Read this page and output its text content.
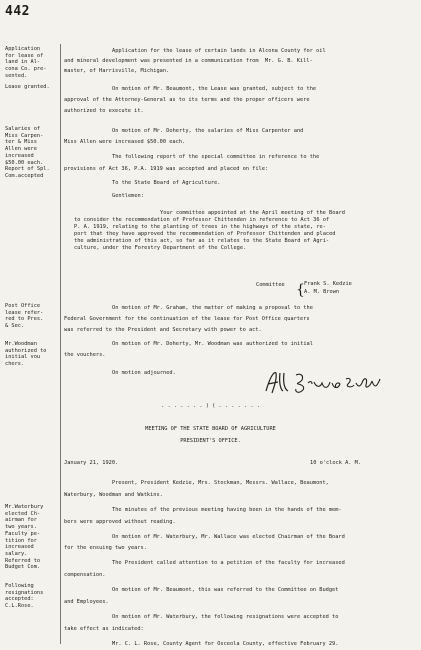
442
Application
for lease of
land in Al-
cona Co. pre-
sented.
Lease granted.
Salaries of
Miss Carpen-
ter & Miss
Allen were
increased
$50.00 each.
Report of Spl.
Com.accepted
Post Office
lease refer-
red to Pres.
& Sec.
Mr.Woodman
authorized to
initial vou
chers.
Mr.Waterbury
elected Ch-
airman for
two years.
Faculty pe-
tition for
increased
salary.
Referred to
Budget Com.
Following
resignations
accepted:
C.L.Rose.
Application for the lease of certain lands in Alcona County for oil
and mineral development was presented in a communication from  Mr. G. B. Kill-
master, of Harrisville, Michigan.
On motion of Mr. Beaumont, the Lease was granted, subject to the
approval of the Attorney-General as to its terms and the proper officers were
authorized to execute it.
On motion of Mr. Doherty, the salaries of Miss Carpenter and
Miss Allen were increased $50.00 each.
The following report of the special committee in reference to the
provisions of Act 36, P.A. 1919 was accepted and placed on file:
To the State Board of Agriculture.
Gentlemen:
Your committee appointed at the April meeting of the Board
to consider the recommendation of Professor Chittenden in reference to Act 36 of
P. A. 1919, relating to the planting of trees in the highways of the state, re-
port that they have approved the recommendation of Professor Chittenden and placed
the administration of this act, so far as it relates to the State Board of Agri-
culture, under the Forestry Department of the College.
Committee { Frank S. Kedzie
A. M. Brown
On motion of Mr. Graham, the matter of making a proposal to the
Federal Government for the continuation of the lease for Post Office quarters
was referred to the President and Secretary with power to act.
On motion of Mr. Doherty, Mr. Woodman was authorized to initial
the vouchers.
On motion adjourned.
. . . . . . . ) ( . . . . . . .
MEETING OF THE STATE BOARD OF AGRICULTURE
PRESIDENT'S OFFICE.
January 21, 1920.	10 o'clock A. M.
Present, President Kedzie, Mrs. Stockman, Messrs. Wallace, Beaumont,
Waterbury, Woodman and Watkins.
The minutes of the previous meeting having been in the hands of the mem-
bers were approved without reading.
On motion of Mr. Waterbury, Mr. Wallace was elected Chairman of the Board
for the ensuing two years.
The President called attention to a petition of the faculty for increased
compensation.
On motion of Mr. Beaumont, this was referred to the Committee on Budget
and Employees.
On motion of Mr. Waterbury, the following resignations were accepted to
take effect as indicated:
Mr. C. L. Rose, County Agent for Osceola County, effective February 29.
